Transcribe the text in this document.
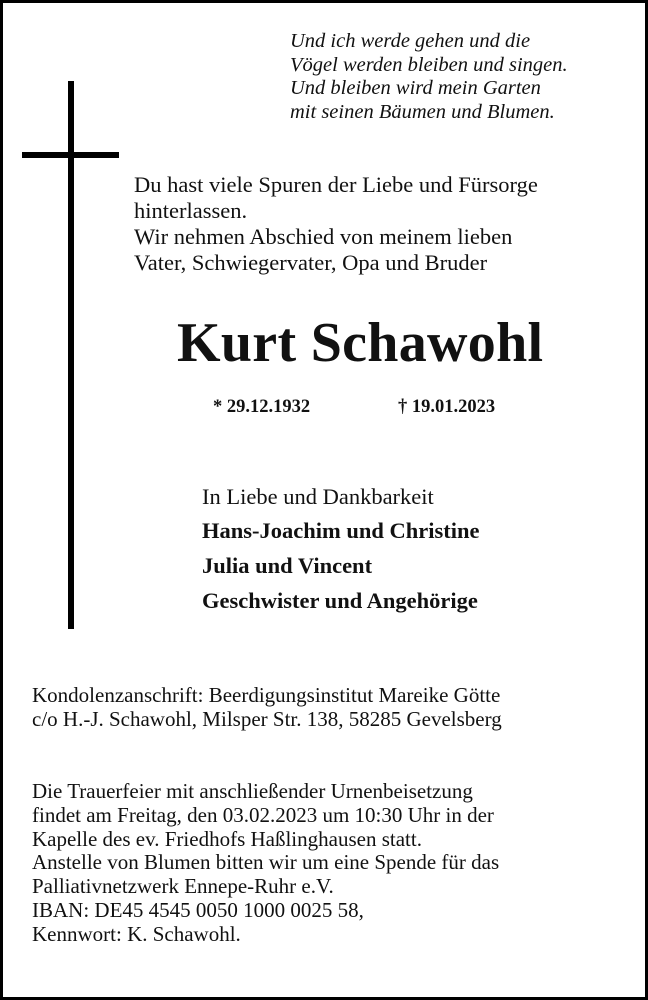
Und ich werde gehen und die
Vögel werden bleiben und singen.
Und bleiben wird mein Garten
mit seinen Bäumen und Blumen.
Du hast viele Spuren der Liebe und Fürsorge
hinterlassen.
Wir nehmen Abschied von meinem lieben
Vater, Schwiegervater, Opa und Bruder
Kurt Schawohl
* 29.12.1932	† 19.01.2023
In Liebe und Dankbarkeit
Hans-Joachim und Christine
Julia und Vincent
Geschwister und Angehörige
Kondolenzanschrift: Beerdigungsinstitut Mareike Götte
c/o H.-J. Schawohl, Milsper Str. 138, 58285 Gevelsberg
Die Trauerfeier mit anschließender Urnenbeisetzung
findet am Freitag, den 03.02.2023 um 10:30 Uhr in der
Kapelle des ev. Friedhofs Haßlinghausen statt.
Anstelle von Blumen bitten wir um eine Spende für das
Palliativnetzwerk Ennepe-Ruhr e.V.
IBAN: DE45 4545 0050 1000 0025 58,
Kennwort: K. Schawohl.
